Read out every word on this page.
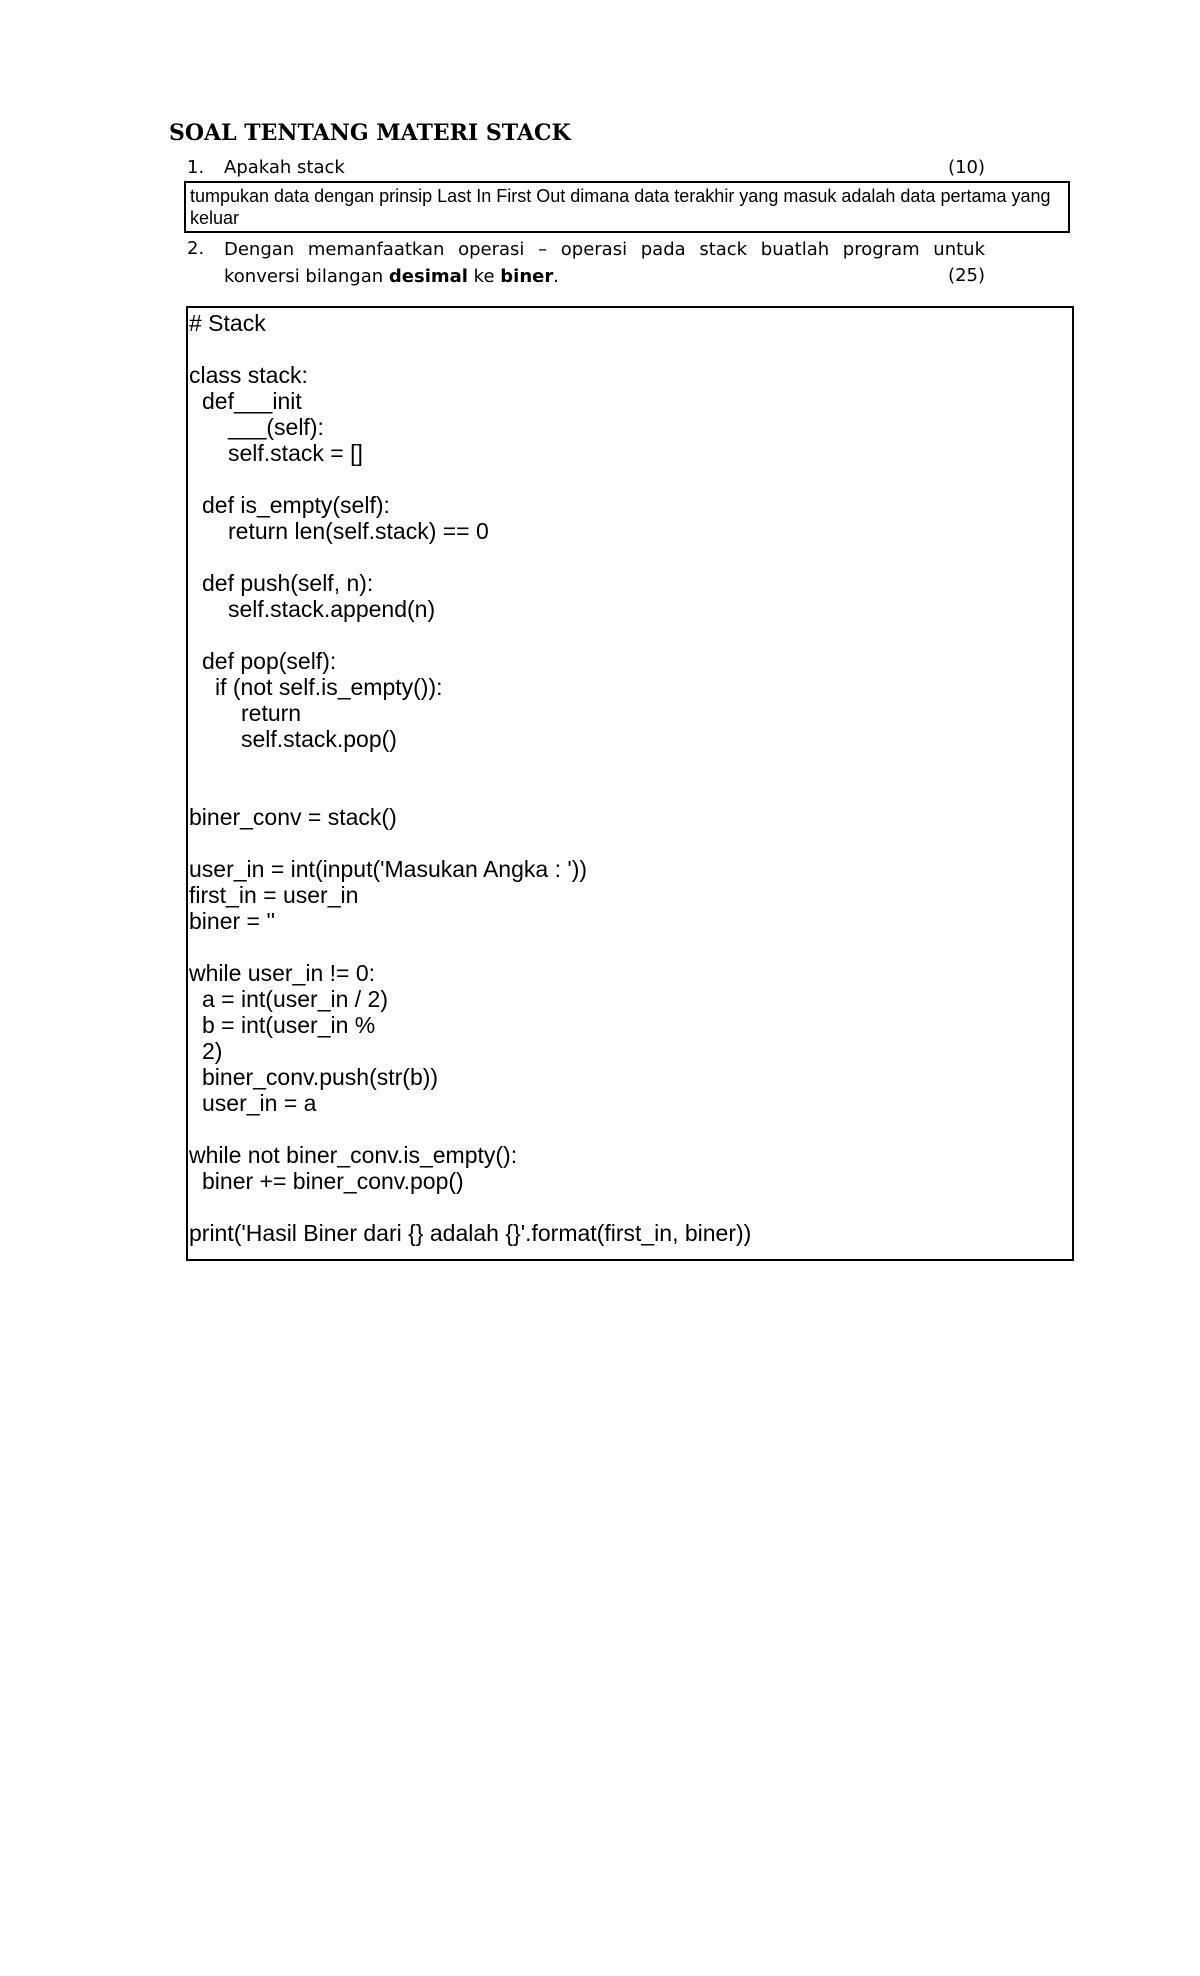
SOAL TENTANG MATERI STACK
1. Apakah stack	(10)
tumpukan data dengan prinsip Last In First Out dimana data terakhir yang masuk adalah data pertama yang keluar
2. Dengan memanfaatkan operasi – operasi pada stack buatlah program untuk konversi bilangan desimal ke biner.	(25)
# Stack
class stack:
def___init
___(self):
self.stack = []
def is_empty(self):
return len(self.stack) == 0
def push(self, n):
self.stack.append(n)
def pop(self):
if (not self.is_empty()):
return
self.stack.pop()
biner_conv = stack()
user_in = int(input('Masukan Angka : '))
first_in = user_in
biner = ''
while user_in != 0:
a = int(user_in / 2)
b = int(user_in %
2)
biner_conv.push(str(b))
user_in = a
while not biner_conv.is_empty():
biner += biner_conv.pop()
print('Hasil Biner dari {} adalah {}'.format(first_in, biner))
